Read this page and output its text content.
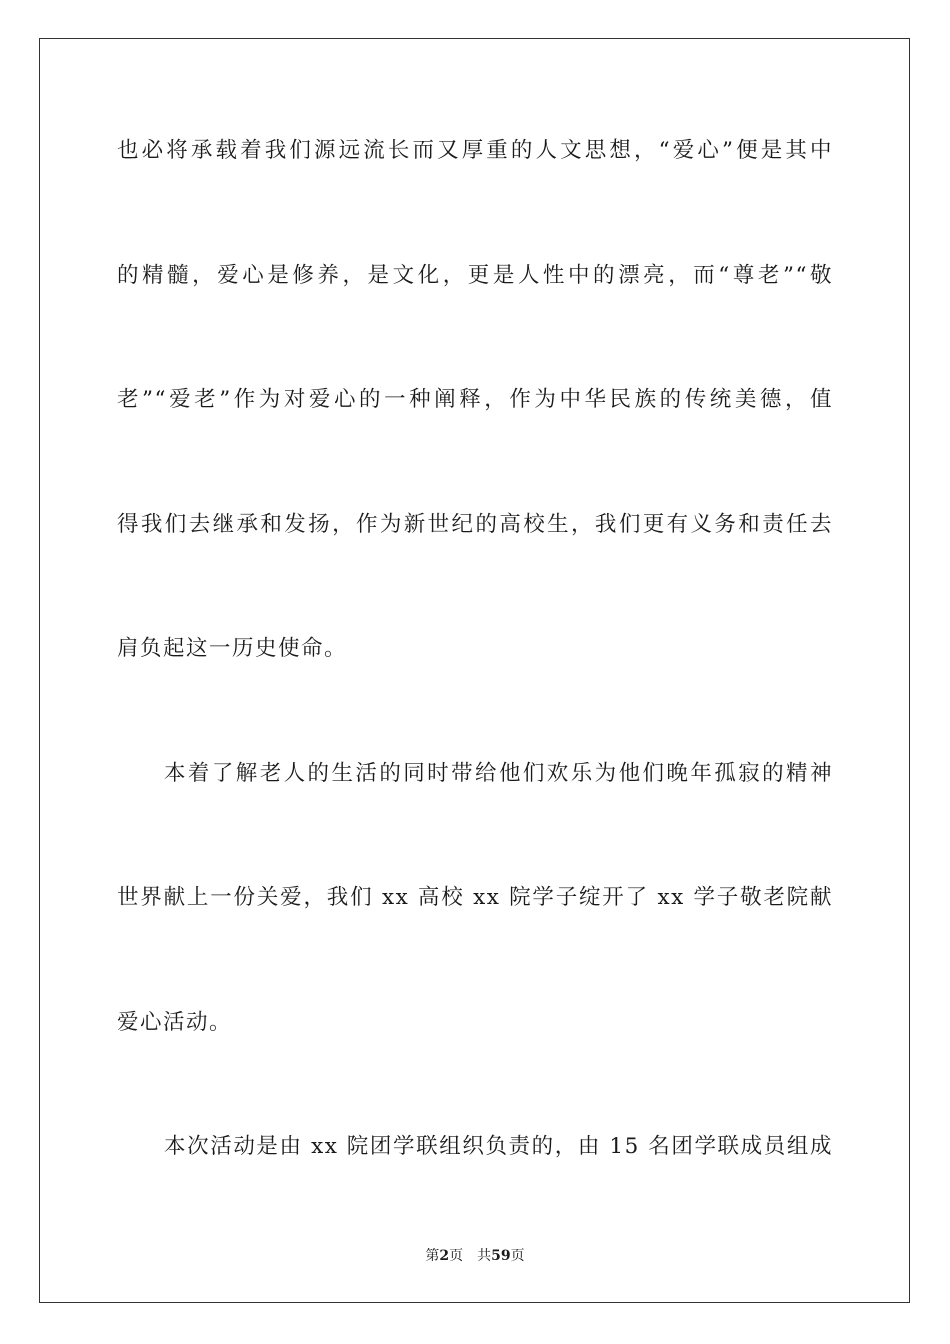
也必将承载着我们源远流长而又厚重的人文思想，“爱心”便是其中
的精髓，爱心是修养，是文化，更是人性中的漂亮，而“尊老”“敬
老”“爱老”作为对爱心的一种阐释，作为中华民族的传统美德，值
得我们去继承和发扬，作为新世纪的高校生，我们更有义务和责任去
肩负起这一历史使命。
本着了解老人的生活的同时带给他们欢乐为他们晚年孤寂的精神
世界献上一份关爱，我们 xx 高校 xx 院学子绽开了 xx 学子敬老院献
爱心活动。
本次活动是由 xx 院团学联组织负责的，由 15 名团学联成员组成
第2页 共59页
